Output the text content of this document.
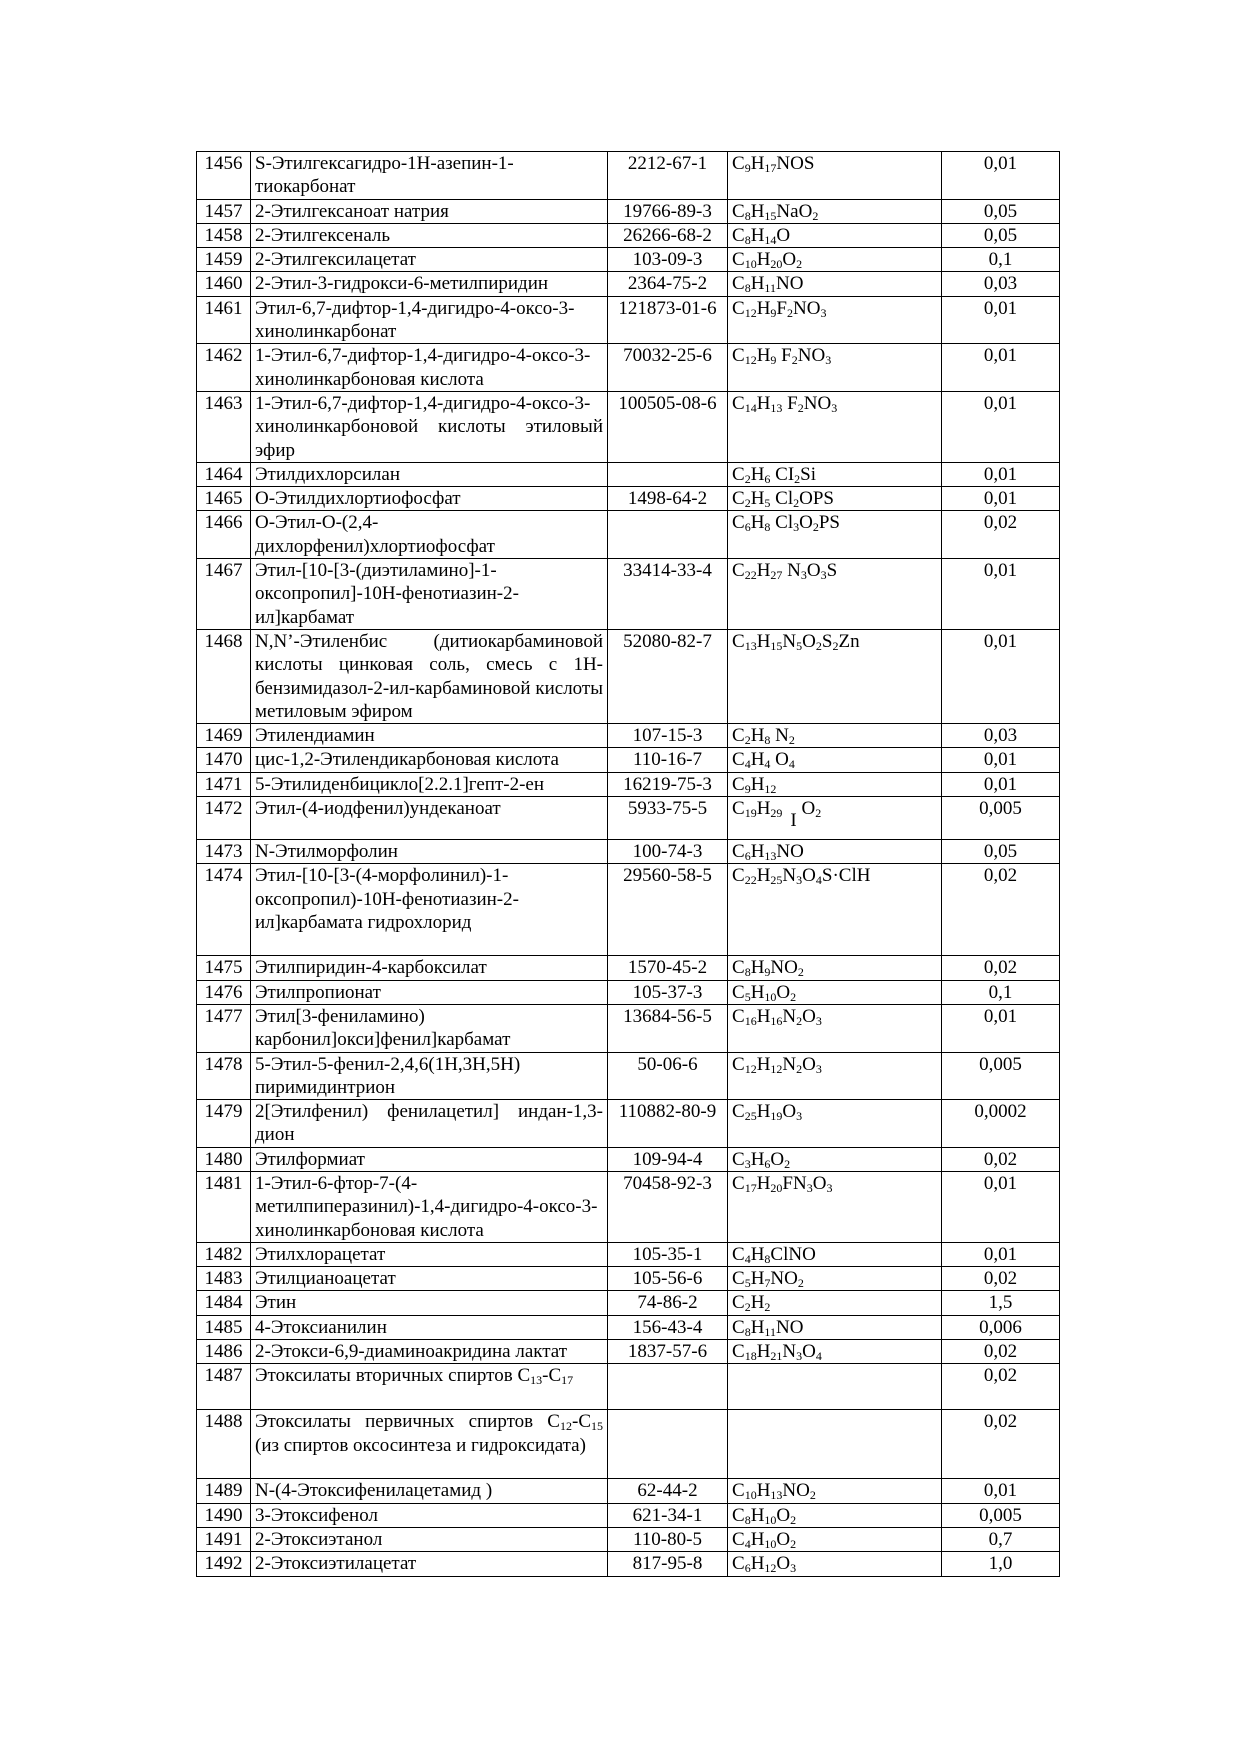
1456	S-Этилгексагидро-1H-азепин-1-тиокарбонат	2212-67-1	$C_9H_{17}NOS$	0,01
1457	2-Этилгексаноат натрия	19766-89-3	$C_8H_{15}NaO_2$	0,05
1458	2-Этилгексеналь	26266-68-2	$C_8H_{14}O$	0,05
1459	2-Этилгексилацетат	103-09-3	$C_{10}H_{20}O_2$	0,1
1460	2-Этил-3-гидрокси-6-метилпиридин	2364-75-2	$C_8H_{11}NO$	0,03
1461	Этил-6,7-дифтор-1,4-дигидро-4-оксо-3-хинолинкарбонат	121873-01-6	$C_{12}H_9F_2NO_3$	0,01
1462	1-Этил-6,7-дифтор-1,4-дигидро-4-оксо-3-хинолинкарбоновая кислота	70032-25-6	$C_{12}H_9$ $F_2NO_3$	0,01
1463	1-Этил-6,7-дифтор-1,4-дигидро-4-оксо-3-хинолинкарбоновой кислоты этиловый эфир	100505-08-6	$C_{14}H_{13}$ $F_2NO_3$	0,01
1464	Этилдихлорсилан		$C_2H_6$ $CI_2Si$	0,01
1465	О-Этилдихлортиофосфат	1498-64-2	$C_2H_5$ $Cl_2OPS$	0,01
1466	О-Этил-О-(2,4-дихлорфенил)хлортиофосфат		$C_6H_8$ $Cl_3O_2PS$	0,02
1467	Этил-[10-[3-(диэтиламино]-1-оксопропил]-10H-фенотиазин-2-ил]карбамат	33414-33-4	$C_{22}H_{27}$ $N_3O_3S$	0,01
1468	N,N’-Этиленбис (дитиокарбаминовой кислоты цинковая соль, смесь с 1H-бензимидазол-2-ил-карбаминовой кислоты метиловым эфиром	52080-82-7	$C_{13}H_{15}N_5O_2S_2Zn$	0,01
1469	Этилендиамин	107-15-3	$C_2H_8$ $N_2$	0,03
1470	цис-1,2-Этилендикарбоновая кислота	110-16-7	$C_4H_4$ $O_4$	0,01
1471	5-Этилиденбицикло[2.2.1]гепт-2-ен	16219-75-3	$C_9H_{12}$	0,01
1472	Этил-(4-иодфенил)ундеканоат	5933-75-5	$C_{19}H_{29}$ I $O_2$	0,005
1473	N-Этилморфолин	100-74-3	$C_6H_{13}NO$	0,05
1474	Этил-[10-[3-(4-морфолинил)-1-оксопропил)-10H-фенотиазин-2-ил]карбамата гидрохлорид	29560-58-5	$C_{22}H_{25}N_3O_4S\cdot ClH$	0,02
1475	Этилпиридин-4-карбоксилат	1570-45-2	$C_8H_9NO_2$	0,02
1476	Этилпропионат	105-37-3	$C_5H_{10}O_2$	0,1
1477	Этил[3-фениламино) карбонил]окси]фенил]карбамат	13684-56-5	$C_{16}H_{16}N_2O_3$	0,01
1478	5-Этил-5-фенил-2,4,6(1H,3H,5H) пиримидинтрион	50-06-6	$C_{12}H_{12}N_2O_3$	0,005
1479	2[Этилфенил) фенилацетил] индан-1,3-дион	110882-80-9	$C_{25}H_{19}O_3$	0,0002
1480	Этилформиат	109-94-4	$C_3H_6O_2$	0,02
1481	1-Этил-6-фтор-7-(4-метилпиперазинил)-1,4-дигидро-4-оксо-3-хинолинкарбоновая кислота	70458-92-3	$C_{17}H_{20}FN_3O_3$	0,01
1482	Этилхлорацетат	105-35-1	$C_4H_8ClNO$	0,01
1483	Этилцианоацетат	105-56-6	$C_5H_7NO_2$	0,02
1484	Этин	74-86-2	$C_2H_2$	1,5
1485	4-Этоксианилин	156-43-4	$C_8H_{11}NO$	0,006
1486	2-Этокси-6,9-диаминоакридина лактат	1837-57-6	$C_{18}H_{21}N_3O_4$	0,02
1487	Этоксилаты вторичных спиртов $C_{13}-C_{17}$			0,02
1488	Этоксилаты первичных спиртов $C_{12}-C_{15}$ (из спиртов оксосинтеза и гидроксидата)			0,02
1489	N-(4-Этоксифенилацетамид )	62-44-2	$C_{10}H_{13}NO_2$	0,01
1490	3-Этоксифенол	621-34-1	$C_8H_{10}O_2$	0,005
1491	2-Этоксиэтанол	110-80-5	$C_4H_{10}O_2$	0,7
1492	2-Этоксиэтилацетат	817-95-8	$C_6H_{12}O_3$	1,0
